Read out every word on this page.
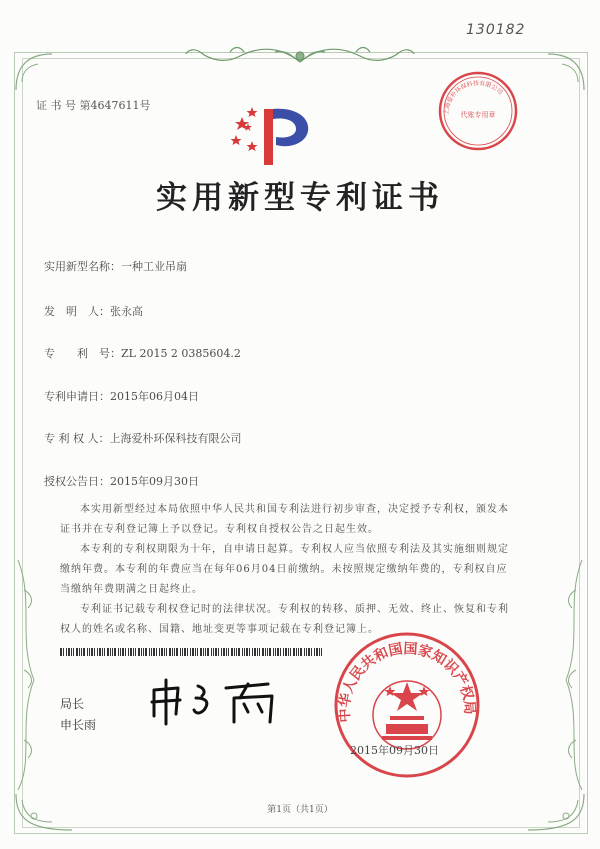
130182
证 书 号 第4647611号	上海爱朴环保科技有限公司
代账专用章
实用新型专利证书
实用新型名称：一种工业吊扇
发　明　人：张永高
专　　利　号：ZL 2015 2 0385604.2
专利申请日：2015年06月04日
专 利 权 人：上海爱朴环保科技有限公司
授权公告日：2015年09月30日

本实用新型经过本局依照中华人民共和国专利法进行初步审查，决定授予专利权，颁发本证书并在专利登记簿上予以登记。专利权自授权公告之日起生效。

本专利的专利权期限为十年，自申请日起算。专利权人应当依照专利法及其实施细则规定缴纳年费。本专利的年费应当在每年06月04日前缴纳。未按照规定缴纳年费的，专利权自应当缴纳年费期满之日起终止。

专利证书记载专利权登记时的法律状况。专利权的转移、质押、无效、终止、恢复和专利权人的姓名或名称、国籍、地址变更等事项记载在专利登记簿上。

局长
申长雨
中华人民共和国国家知识产权局
2015年09月30日
第1页（共1页）
